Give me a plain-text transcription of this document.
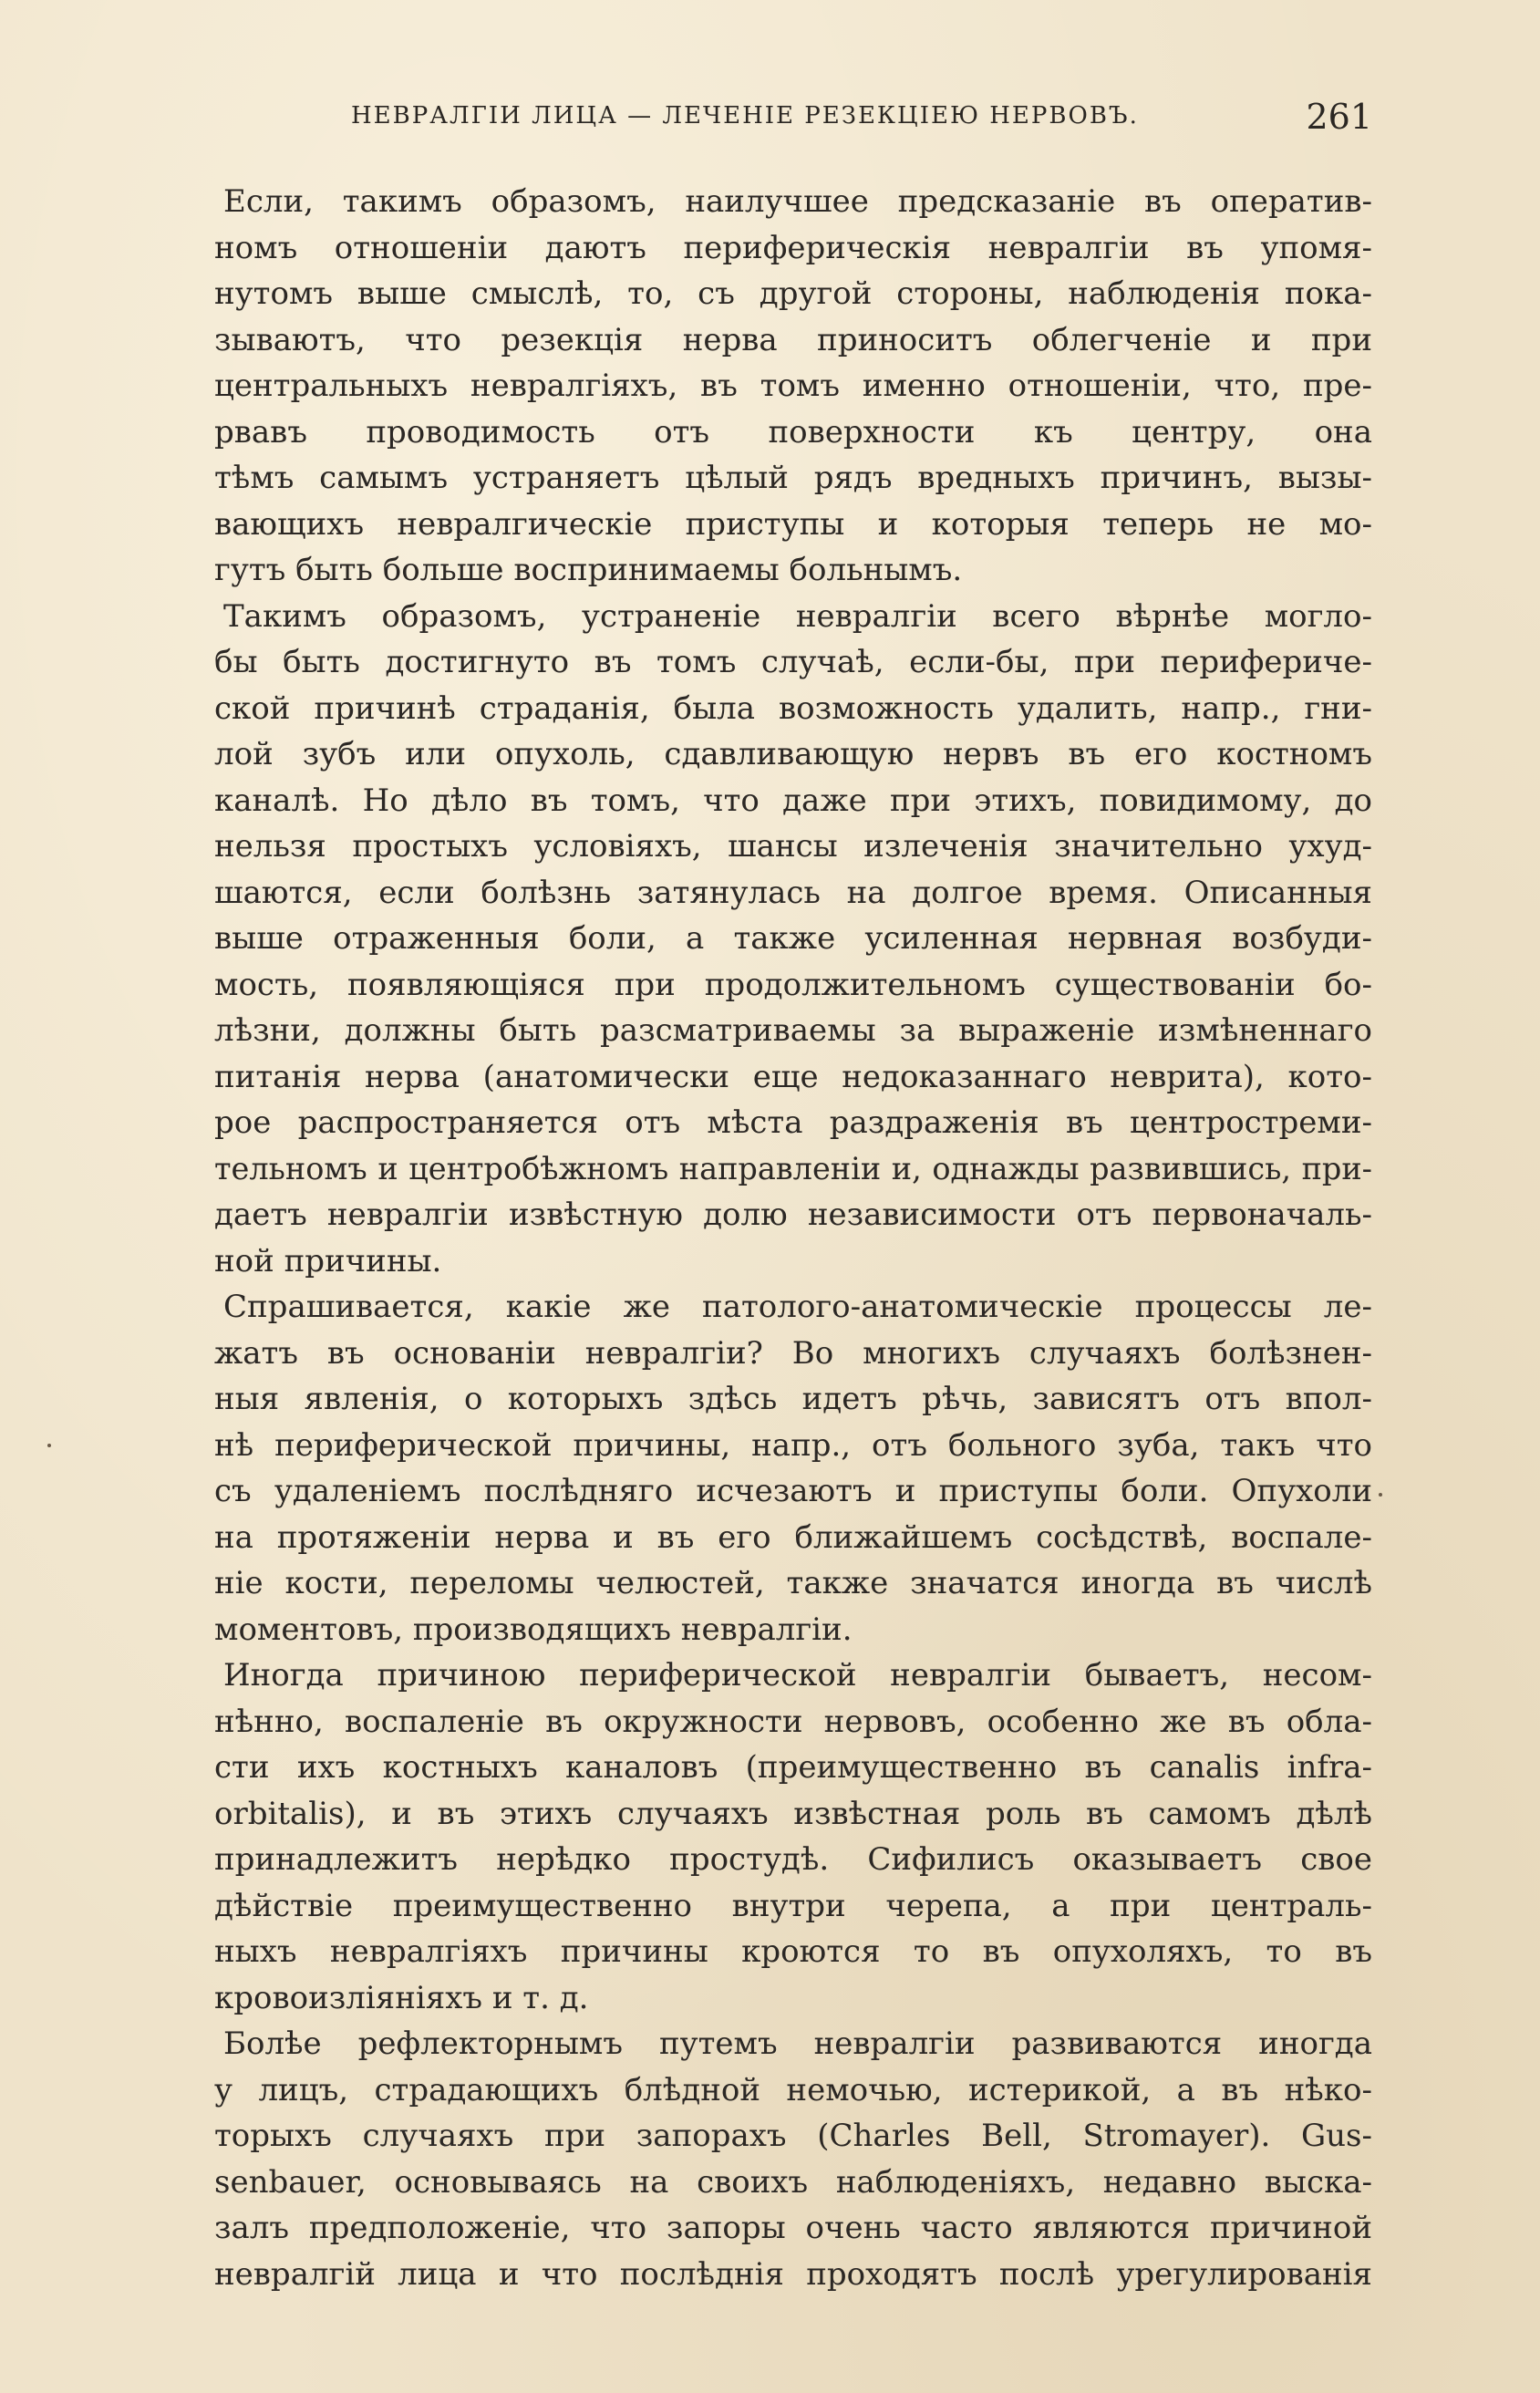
НЕВРАЛГІИ ЛИЦА — ЛЕЧЕНІЕ РЕЗЕКЦІЕЮ НЕРВОВЪ.	261

Если, такимъ образомъ, наилучшее предсказаніе въ оператив-
номъ отношеніи даютъ периферическія невралгіи въ упомя-
нутомъ выше смыслѣ, то, съ другой стороны, наблюденія пока-
зываютъ, что резекція нерва приноситъ облегченіе и при
центральныхъ невралгіяхъ, въ томъ именно отношеніи, что, пре-
рвавъ проводимость отъ поверхности къ центру, она
тѣмъ самымъ устраняетъ цѣлый рядъ вредныхъ причинъ, вызы-
вающихъ невралгическіе приступы и которыя теперь не мо-
гутъ быть больше воспринимаемы больнымъ.

Такимъ образомъ, устраненіе невралгіи всего вѣрнѣе могло-
бы быть достигнуто въ томъ случаѣ, если-бы, при перифериче-
ской причинѣ страданія, была возможность удалить, напр., гни-
лой зубъ или опухоль, сдавливающую нервъ въ его костномъ
каналѣ. Но дѣло въ томъ, что даже при этихъ, повидимому, до
нельзя простыхъ условіяхъ, шансы излеченія значительно ухуд-
шаются, если болѣзнь затянулась на долгое время. Описанныя
выше отраженныя боли, а также усиленная нервная возбуди-
мость, появляющіяся при продолжительномъ существованіи бо-
лѣзни, должны быть разсматриваемы за выраженіе измѣненнаго
питанія нерва (анатомически еще недоказаннаго неврита), кото-
рое распространяется отъ мѣста раздраженія въ центростреми-
тельномъ и центробѣжномъ направленіи и, однажды развившись, при-
даетъ невралгіи извѣстную долю независимости отъ первоначаль-
ной причины.

Спрашивается, какіе же патолого-анатомическіе процессы ле-
жатъ въ основаніи невралгіи? Во многихъ случаяхъ болѣзнен-
ныя явленія, о которыхъ здѣсь идетъ рѣчь, зависятъ отъ впол-
нѣ периферической причины, напр., отъ больного зуба, такъ что
съ удаленіемъ послѣдняго исчезаютъ и приступы боли. Опухоли
на протяженіи нерва и въ его ближайшемъ сосѣдствѣ, воспале-
ніе кости, переломы челюстей, также значатся иногда въ числѣ
моментовъ, производящихъ невралгіи.

Иногда причиною периферической невралгіи бываетъ, несом-
нѣнно, воспаленіе въ окружности нервовъ, особенно же въ обла-
сти ихъ костныхъ каналовъ (преимущественно въ canalis infra-
orbitalis), и въ этихъ случаяхъ извѣстная роль въ самомъ дѣлѣ
принадлежитъ нерѣдко простудѣ. Сифилисъ оказываетъ свое
дѣйствіе преимущественно внутри черепа, а при централь-
ныхъ невралгіяхъ причины кроются то въ опухоляхъ, то въ
кровоизліяніяхъ и т. д.

Болѣе рефлекторнымъ путемъ невралгіи развиваются иногда
у лицъ, страдающихъ блѣдной немочью, истерикой, а въ нѣко-
торыхъ случаяхъ при запорахъ (Charles Bell, Stromayer). Gus-
senbauer, основываясь на своихъ наблюденіяхъ, недавно выска-
залъ предположеніе, что запоры очень часто являются причиной
невралгій лица и что послѣднія проходятъ послѣ урегулированія
